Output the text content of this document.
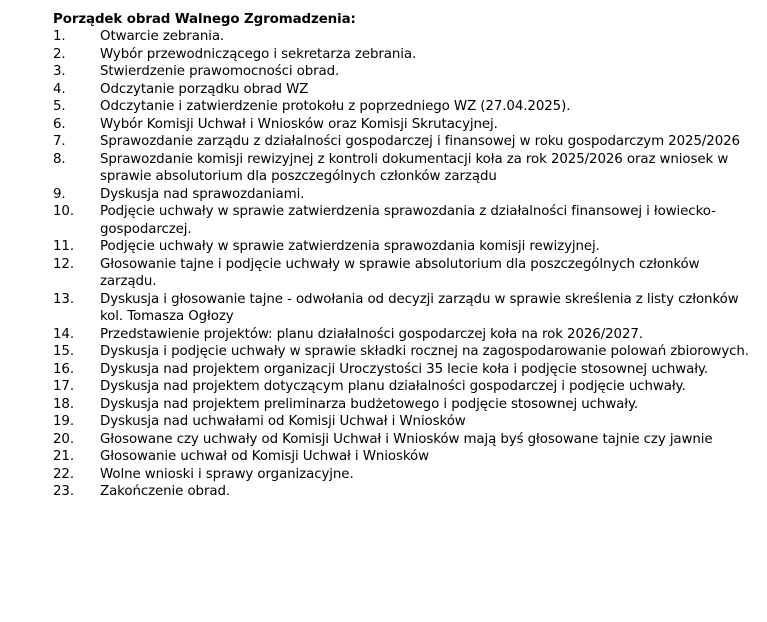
Porządek obrad Walnego Zgromadzenia:
1.	Otwarcie zebrania.
2.	Wybór przewodniczącego i sekretarza zebrania.
3.	Stwierdzenie prawomocności obrad.
4.	Odczytanie porządku obrad WZ
5.	Odczytanie i zatwierdzenie protokołu z poprzedniego WZ (27.04.2025).
6.	Wybór Komisji Uchwał i Wniosków oraz Komisji Skrutacyjnej.
7.	Sprawozdanie zarządu z działalności gospodarczej i finansowej w roku gospodarczym 2025/2026
8.	Sprawozdanie komisji rewizyjnej z kontroli dokumentacji koła za rok 2025/2026 oraz wniosek w sprawie absolutorium dla poszczególnych członków zarządu
9.	Dyskusja nad sprawozdaniami.
10.	Podjęcie uchwały w sprawie zatwierdzenia sprawozdania z działalności finansowej i łowiecko-gospodarczej.
11.	Podjęcie uchwały w sprawie zatwierdzenia sprawozdania komisji rewizyjnej.
12.	Głosowanie tajne i podjęcie uchwały w sprawie absolutorium dla poszczególnych członków zarządu.
13.	Dyskusja i głosowanie tajne - odwołania od decyzji zarządu w sprawie skreślenia z listy członków kol. Tomasza Ogłozy
14.	Przedstawienie projektów: planu działalności gospodarczej koła na rok 2026/2027.
15.	Dyskusja i podjęcie uchwały w sprawie składki rocznej na zagospodarowanie polowań zbiorowych.
16.	Dyskusja nad projektem organizacji Uroczystości 35 lecie koła i podjęcie stosownej uchwały.
17.	Dyskusja nad projektem dotyczącym planu działalności gospodarczej i podjęcie uchwały.
18.	Dyskusja nad projektem preliminarza budżetowego i podjęcie stosownej uchwały.
19.	Dyskusja nad uchwałami od Komisji Uchwał i Wniosków
20.	Głosowane czy uchwały od Komisji Uchwał i Wniosków mają byś głosowane tajnie czy jawnie
21.	Głosowanie uchwał od Komisji Uchwał i Wniosków
22.	Wolne wnioski i sprawy organizacyjne.
23.	Zakończenie obrad.
